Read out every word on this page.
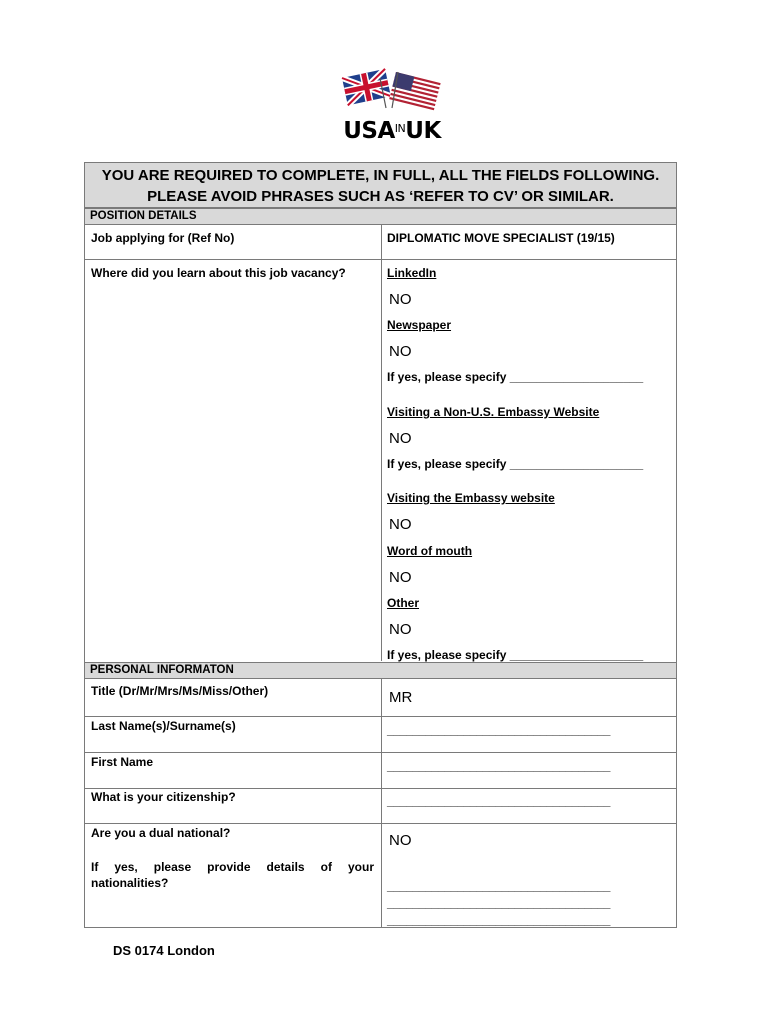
$USA^{IN}UK$
YOU ARE REQUIRED TO COMPLETE, IN FULL, ALL THE FIELDS FOLLOWING.
PLEASE AVOID PHRASES SUCH AS ‘REFER TO CV’ OR SIMILAR.
POSITION DETAILS
Job applying for (Ref No)	DIPLOMATIC MOVE SPECIALIST (19/15)
Where did you learn about this job vacancy?	LinkedIn
NO
Newspaper
NO
If yes, please specify ____________________
Visiting a Non-U.S. Embassy Website
NO
If yes, please specify ____________________
Visiting the Embassy website
NO
Word of mouth
NO
Other
NO
If yes, please specify ____________________
PERSONAL INFORMATON
Title (Dr/Mr/Mrs/Ms/Miss/Other)	MR
Last Name(s)/Surname(s)	___________________________________
___________________________________
First Name	___________________________________
___________________________________
What is your citizenship?	___________________________________
___________________________________
Are you a dual national?	NO
If yes, please provide details of your nationalities?	___________________________________
___________________________________
___________________________________
DS 0174 London
